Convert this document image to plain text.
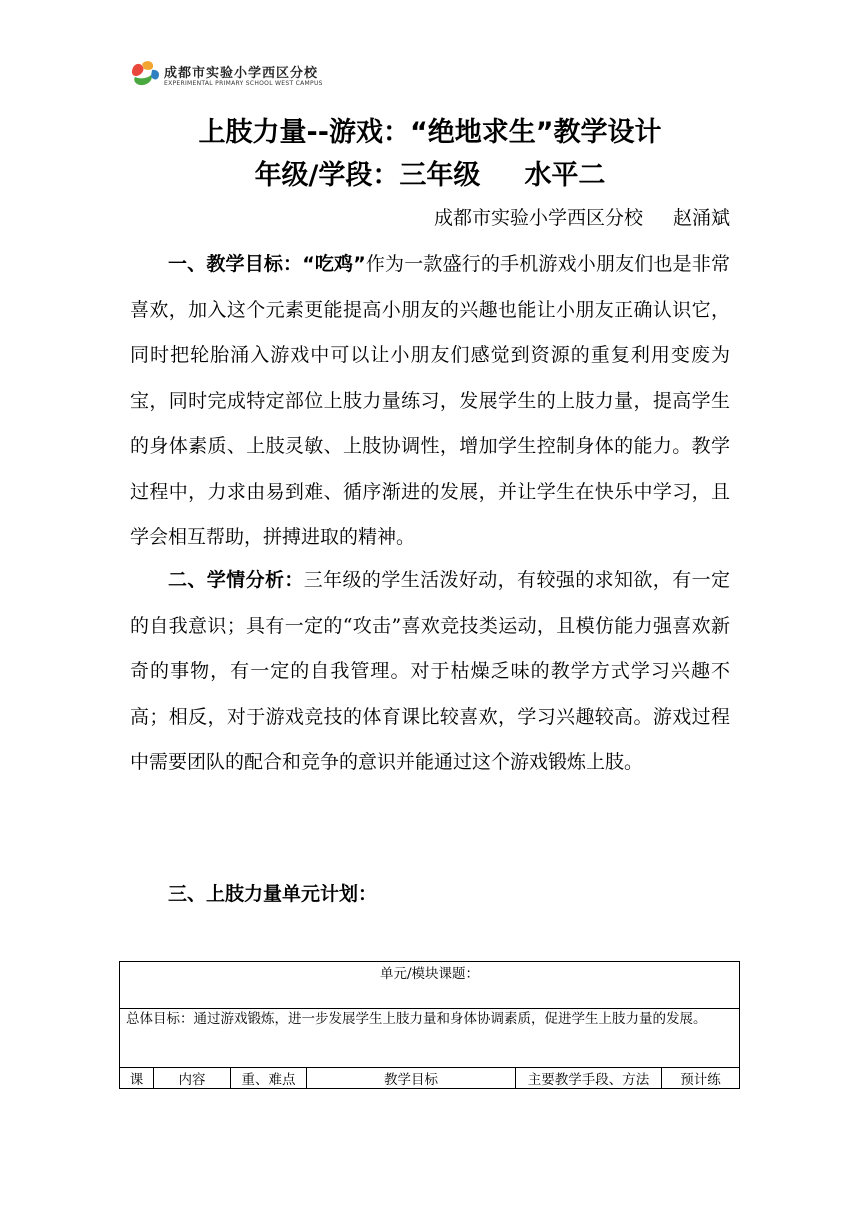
成都市实验小学西区分校
EXPERIMENTAL PRIMARY SCHOOL WEST CAMPUS
上肢力量--游戏：“绝地求生”教学设计
年级/学段：三年级 水平二
成都市实验小学西区分校 赵涌斌
一、教学目标：“吃鸡”作为一款盛行的手机游戏小朋友们也是非常喜欢，加入这个元素更能提高小朋友的兴趣也能让小朋友正确认识它，同时把轮胎涌入游戏中可以让小朋友们感觉到资源的重复利用变废为宝，同时完成特定部位上肢力量练习，发展学生的上肢力量，提高学生的身体素质、上肢灵敏、上肢协调性，增加学生控制身体的能力。教学过程中，力求由易到难、循序渐进的发展，并让学生在快乐中学习，且学会相互帮助，拼搏进取的精神。
二、学情分析：三年级的学生活泼好动，有较强的求知欲，有一定的自我意识；具有一定的“攻击”喜欢竞技类运动，且模仿能力强喜欢新奇的事物，有一定的自我管理。对于枯燥乏味的教学方式学习兴趣不高；相反，对于游戏竞技的体育课比较喜欢，学习兴趣较高。游戏过程中需要团队的配合和竞争的意识并能通过这个游戏锻炼上肢。
三、上肢力量单元计划：
单元/模块课题：
总体目标：通过游戏锻炼，进一步发展学生上肢力量和身体协调素质，促进学生上肢力量的发展。
课	内容	重、难点	教学目标	主要教学手段、方法	预计练
